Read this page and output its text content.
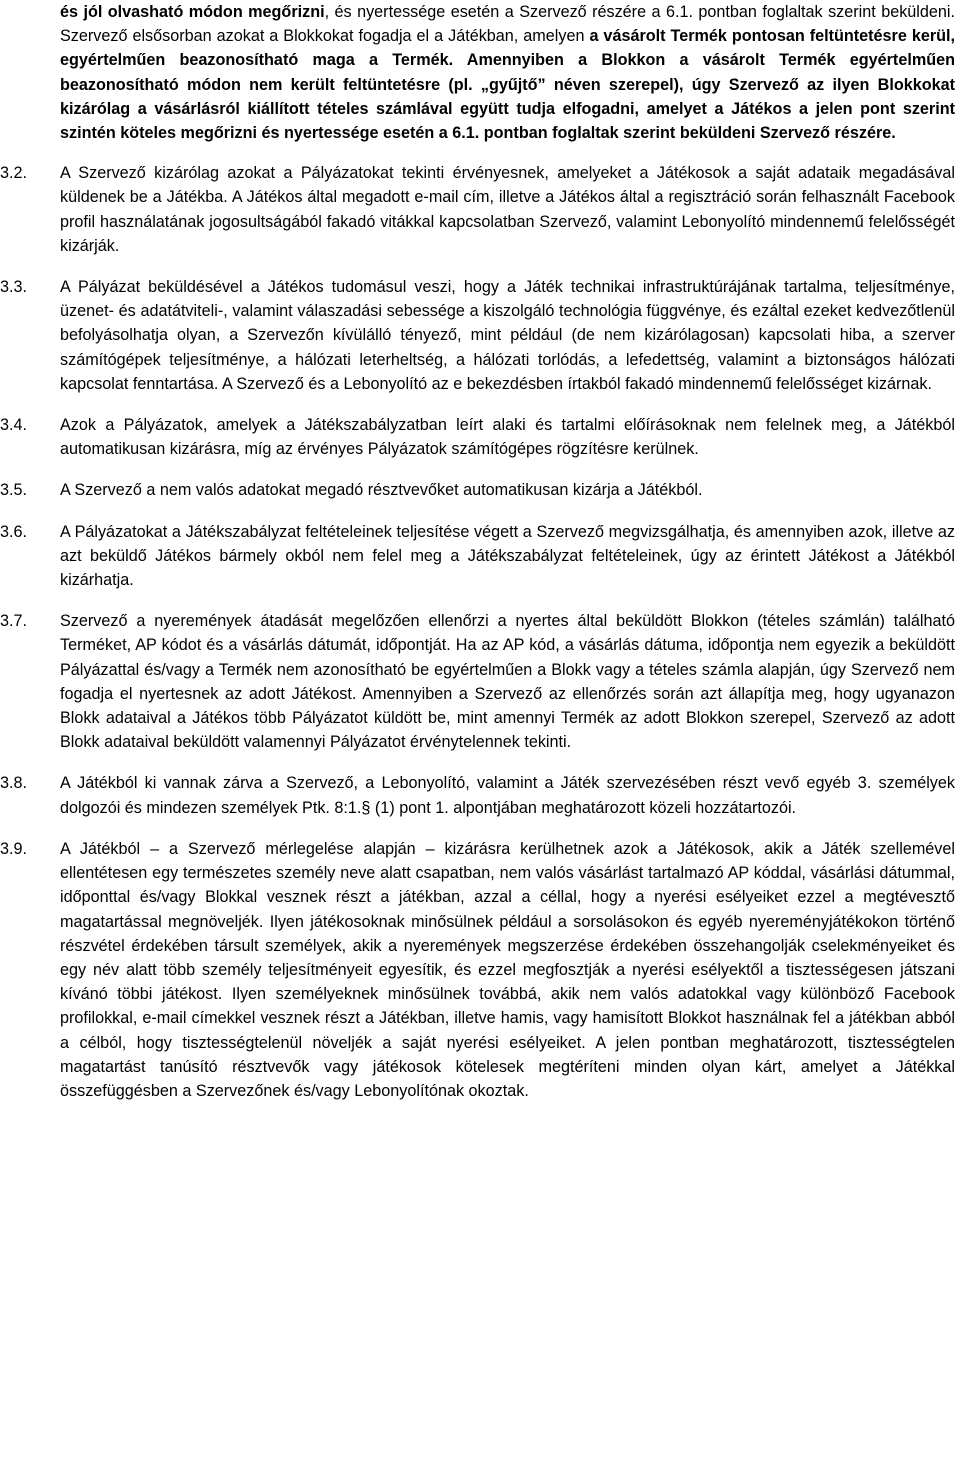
és jól olvasható módon megőrizni, és nyertessége esetén a Szervező részére a 6.1. pontban foglaltak szerint beküldeni. Szervező elsősorban azokat a Blokkokat fogadja el a Játékban, amelyen a vásárolt Termék pontosan feltüntetésre kerül, egyértelműen beazonosítható maga a Termék. Amennyiben a Blokkon a vásárolt Termék egyértelműen beazonosítható módon nem került feltüntetésre (pl. „gyűjtő” néven szerepel), úgy Szervező az ilyen Blokkokat kizárólag a vásárlásról kiállított tételes számlával együtt tudja elfogadni, amelyet a Játékos a jelen pont szerint szintén köteles megőrizni és nyertessége esetén a 6.1. pontban foglaltak szerint beküldeni Szervező részére.

3.2.	A Szervező kizárólag azokat a Pályázatokat tekinti érvényesnek, amelyeket a Játékosok a saját adataik megadásával küldenek be a Játékba. A Játékos által megadott e-mail cím, illetve a Játékos által a regisztráció során felhasznált Facebook profil használatának jogosultságából fakadó vitákkal kapcsolatban Szervező, valamint Lebonyolító mindennemű felelősségét kizárják.

3.3.	A Pályázat beküldésével a Játékos tudomásul veszi, hogy a Játék technikai infrastruktúrájának tartalma, teljesítménye, üzenet- és adatátviteli-, valamint válaszadási sebessége a kiszolgáló technológia függvénye, és ezáltal ezeket kedvezőtlenül befolyásolhatja olyan, a Szervezőn kívülálló tényező, mint például (de nem kizárólagosan) kapcsolati hiba, a szerver számítógépek teljesítménye, a hálózati leterheltség, a hálózati torlódás, a lefedettség, valamint a biztonságos hálózati kapcsolat fenntartása. A Szervező és a Lebonyolító az e bekezdésben írtakból fakadó mindennemű felelősséget kizárnak.

3.4.	Azok a Pályázatok, amelyek a Játékszabályzatban leírt alaki és tartalmi előírásoknak nem felelnek meg, a Játékból automatikusan kizárásra, míg az érvényes Pályázatok számítógépes rögzítésre kerülnek.

3.5.	A Szervező a nem valós adatokat megadó résztvevőket automatikusan kizárja a Játékból.

3.6.	A Pályázatokat a Játékszabályzat feltételeinek teljesítése végett a Szervező megvizsgálhatja, és amennyiben azok, illetve az azt beküldő Játékos bármely okból nem felel meg a Játékszabályzat feltételeinek, úgy az érintett Játékost a Játékból kizárhatja.

3.7.	Szervező a nyeremények átadását megelőzően ellenőrzi a nyertes által beküldött Blokkon (tételes számlán) található Terméket, AP kódot és a vásárlás dátumát, időpontját. Ha az AP kód, a vásárlás dátuma, időpontja nem egyezik a beküldött Pályázattal és/vagy a Termék nem azonosítható be egyértelműen a Blokk vagy a tételes számla alapján, úgy Szervező nem fogadja el nyertesnek az adott Játékost. Amennyiben a Szervező az ellenőrzés során azt állapítja meg, hogy ugyanazon Blokk adataival a Játékos több Pályázatot küldött be, mint amennyi Termék az adott Blokkon szerepel, Szervező az adott Blokk adataival beküldött valamennyi Pályázatot érvénytelennek tekinti.

3.8.	A Játékból ki vannak zárva a Szervező, a Lebonyolító, valamint a Játék szervezésében részt vevő egyéb 3. személyek dolgozói és mindezen személyek Ptk. 8:1.§ (1) pont 1. alpontjában meghatározott közeli hozzátartozói.

3.9.	A Játékból – a Szervező mérlegelése alapján – kizárásra kerülhetnek azok a Játékosok, akik a Játék szellemével ellentétesen egy természetes személy neve alatt csapatban, nem valós vásárlást tartalmazó AP kóddal, vásárlási dátummal, időponttal és/vagy Blokkal vesznek részt a játékban, azzal a céllal, hogy a nyerési esélyeiket ezzel a megtévesztő magatartással megnöveljék. Ilyen játékosoknak minősülnek például a sorsolásokon és egyéb nyereményjátékokon történő részvétel érdekében társult személyek, akik a nyeremények megszerzése érdekében összehangolják cselekményeiket és egy név alatt több személy teljesítményeit egyesítik, és ezzel megfosztják a nyerési esélyektől a tisztességesen játszani kívánó többi játékost. Ilyen személyeknek minősülnek továbbá, akik nem valós adatokkal vagy különböző Facebook profilokkal, e-mail címekkel vesznek részt a Játékban, illetve hamis, vagy hamisított Blokkot használnak fel a játékban abból a célból, hogy tisztességtelenül növeljék a saját nyerési esélyeiket. A jelen pontban meghatározott, tisztességtelen magatartást tanúsító résztvevők vagy játékosok kötelesek megtéríteni minden olyan kárt, amelyet a Játékkal összefüggésben a Szervezőnek és/vagy Lebonyolítónak okoztak.
